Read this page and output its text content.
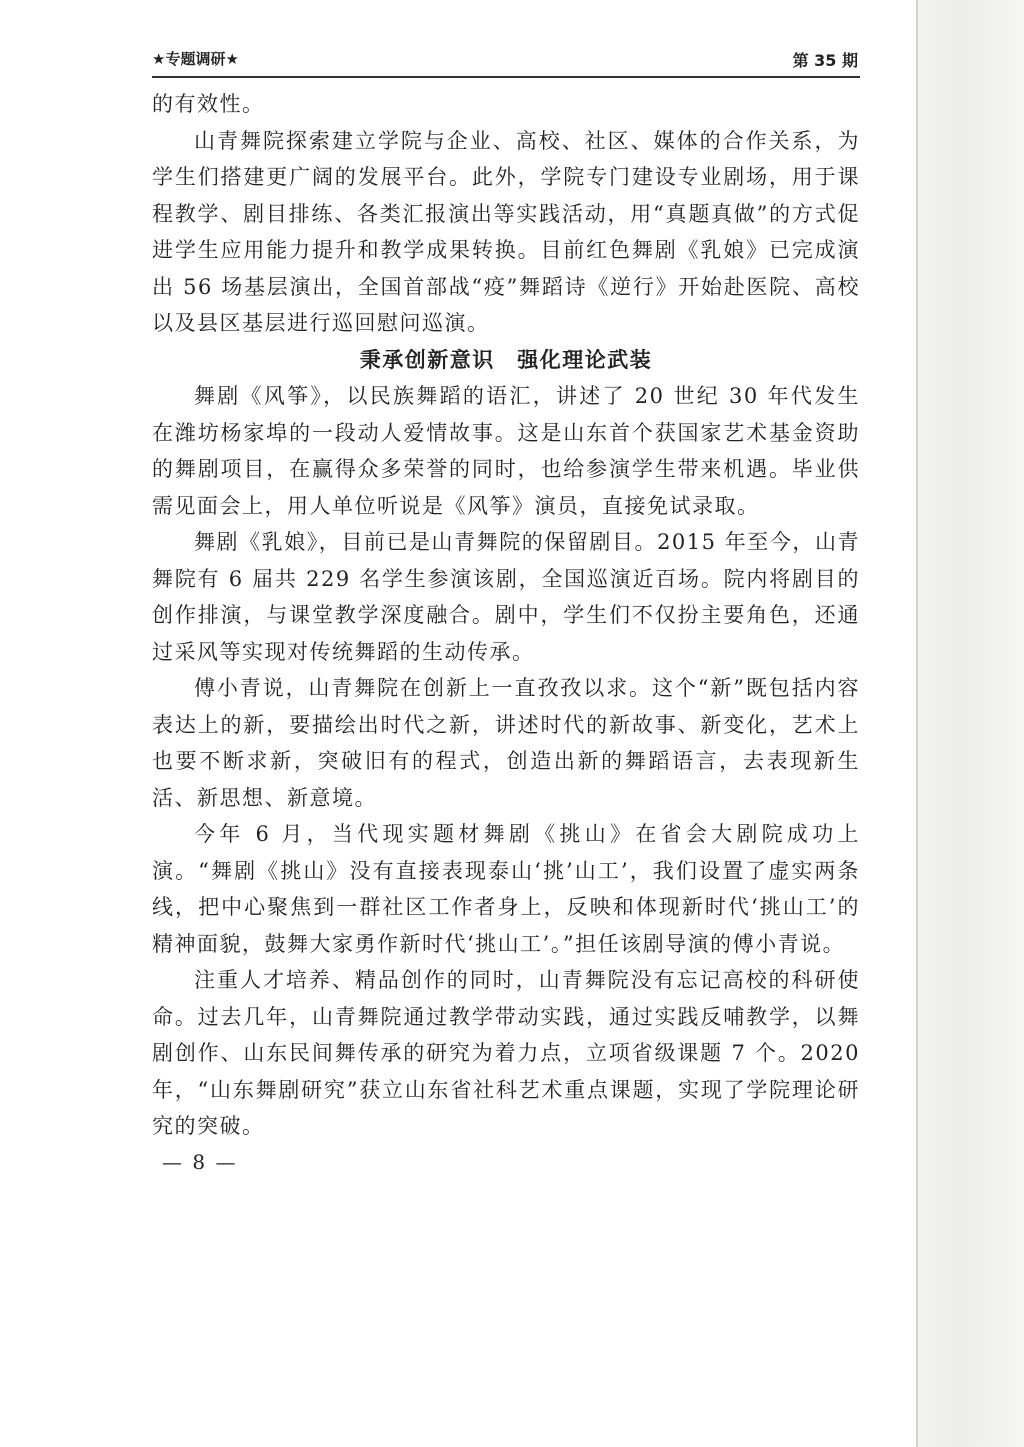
★专题调研★	第 35 期

的有效性。

山青舞院探索建立学院与企业、高校、社区、媒体的合作关系，为学生们搭建更广阔的发展平台。此外，学院专门建设专业剧场，用于课程教学、剧目排练、各类汇报演出等实践活动，用“真题真做”的方式促进学生应用能力提升和教学成果转换。目前红色舞剧《乳娘》已完成演出 56 场基层演出，全国首部战“疫”舞蹈诗《逆行》开始赴医院、高校以及县区基层进行巡回慰问巡演。

秉承创新意识　强化理论武装

舞剧《风筝》，以民族舞蹈的语汇，讲述了 20 世纪 30 年代发生在潍坊杨家埠的一段动人爱情故事。这是山东首个获国家艺术基金资助的舞剧项目，在赢得众多荣誉的同时，也给参演学生带来机遇。毕业供需见面会上，用人单位听说是《风筝》演员，直接免试录取。

舞剧《乳娘》，目前已是山青舞院的保留剧目。2015 年至今，山青舞院有 6 届共 229 名学生参演该剧，全国巡演近百场。院内将剧目的创作排演，与课堂教学深度融合。剧中，学生们不仅扮主要角色，还通过采风等实现对传统舞蹈的生动传承。

傅小青说，山青舞院在创新上一直孜孜以求。这个“新”既包括内容表达上的新，要描绘出时代之新，讲述时代的新故事、新变化，艺术上也要不断求新，突破旧有的程式，创造出新的舞蹈语言，去表现新生活、新思想、新意境。

今年 6 月，当代现实题材舞剧《挑山》在省会大剧院成功上演。“舞剧《挑山》没有直接表现泰山‘挑’山工’，我们设置了虚实两条线，把中心聚焦到一群社区工作者身上，反映和体现新时代‘挑山工’的精神面貌，鼓舞大家勇作新时代‘挑山工’。”担任该剧导演的傅小青说。

注重人才培养、精品创作的同时，山青舞院没有忘记高校的科研使命。过去几年，山青舞院通过教学带动实践，通过实践反哺教学，以舞剧创作、山东民间舞传承的研究为着力点，立项省级课题 7 个。2020 年，“山东舞剧研究”获立山东省社科艺术重点课题，实现了学院理论研究的突破。

— 8 —
